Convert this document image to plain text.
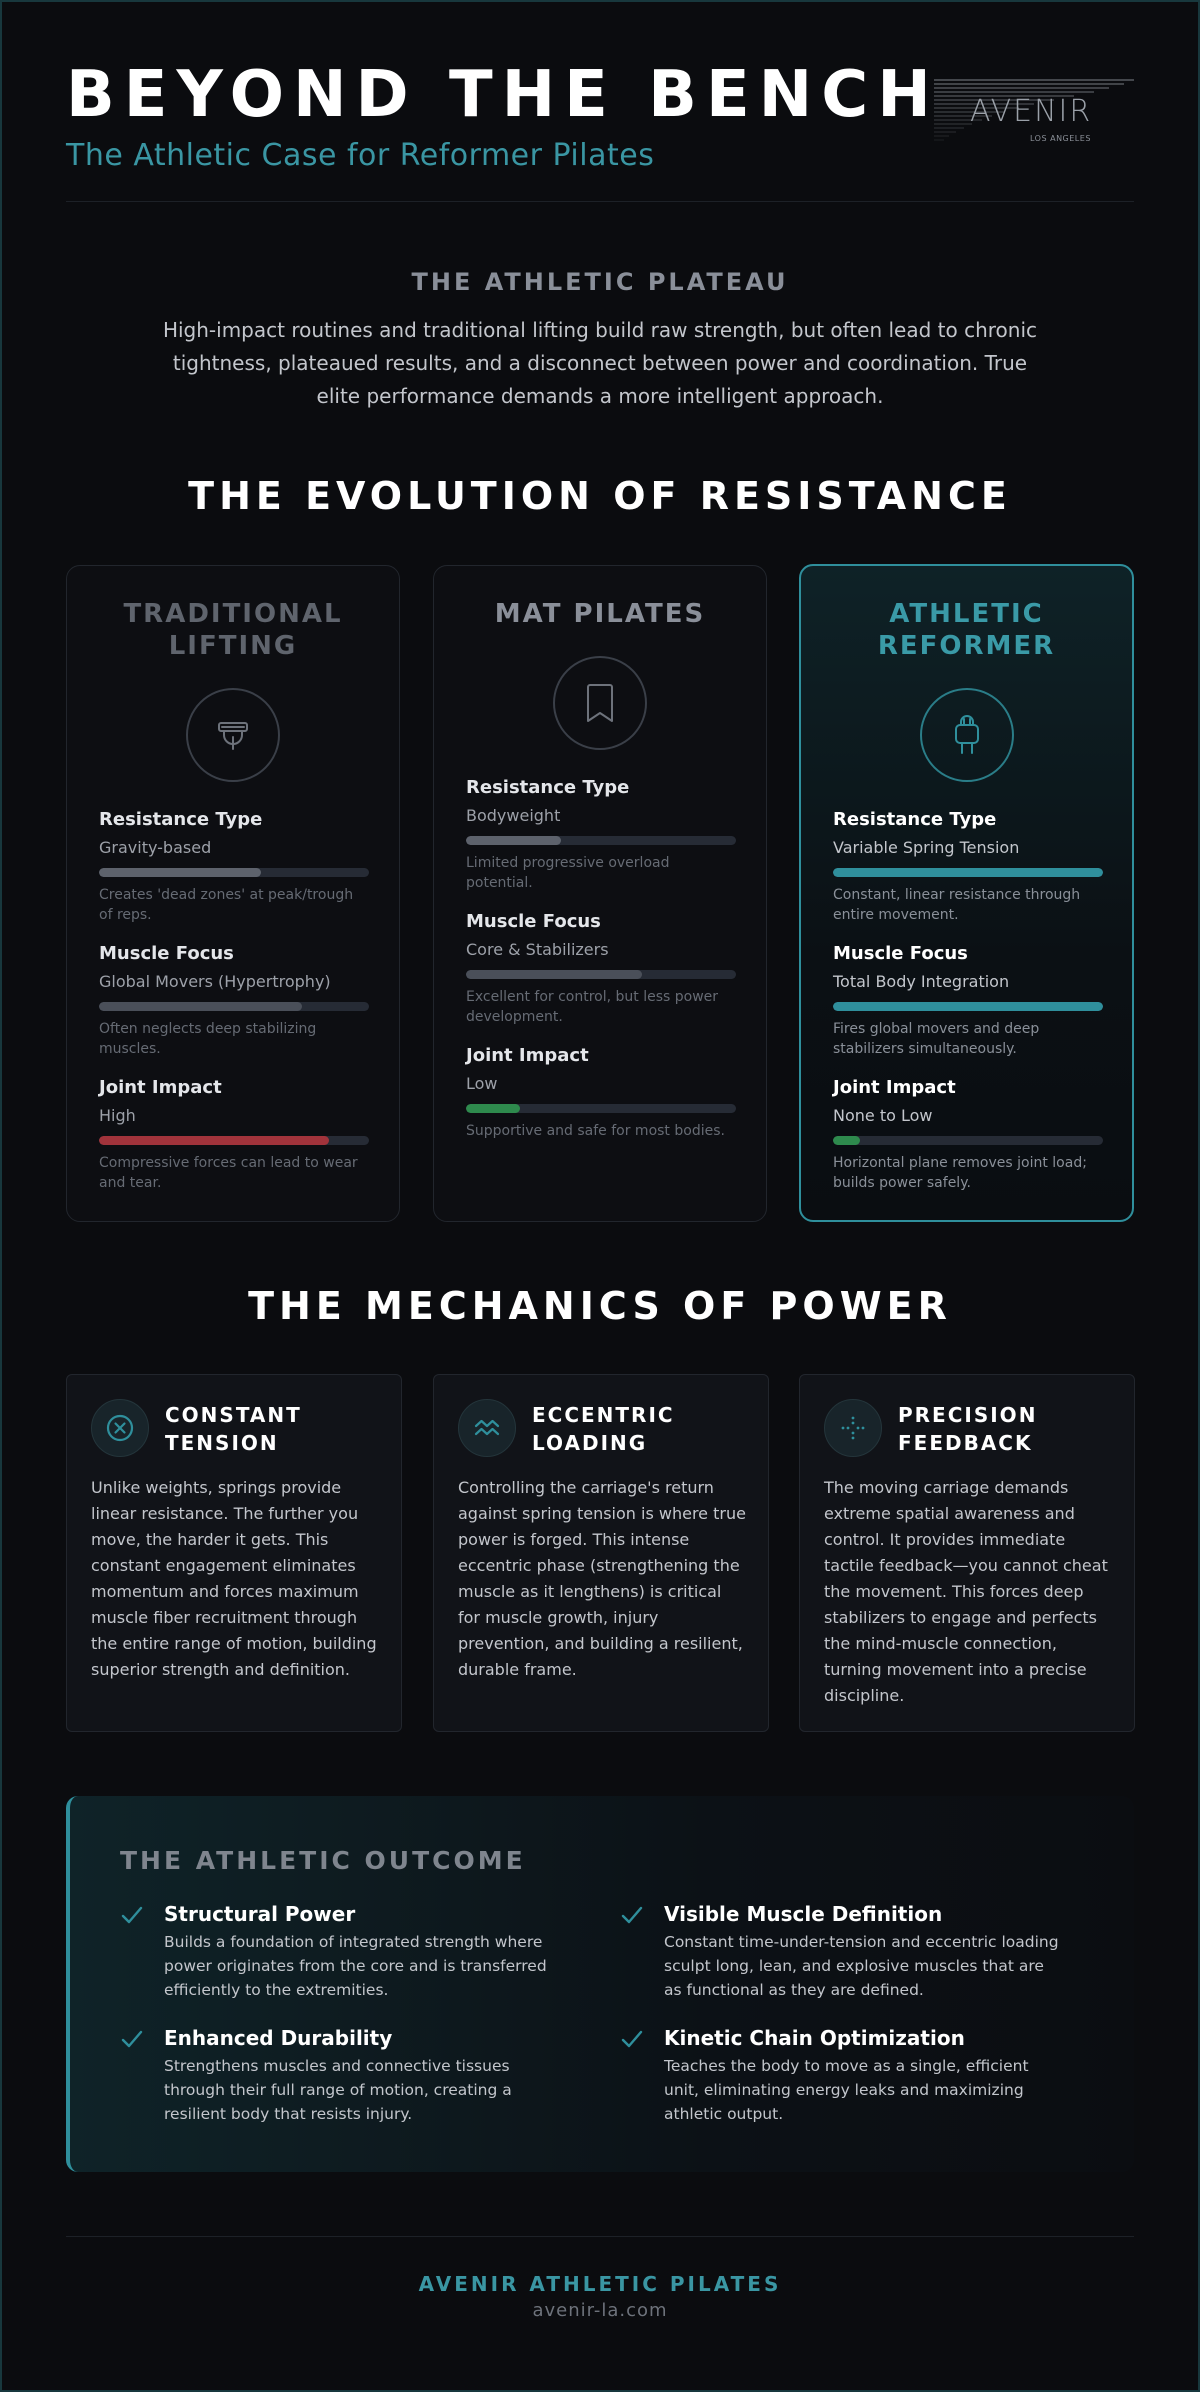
BEYOND THE BENCH
The Athletic Case for Reformer Pilates
AVENIR
LOS ANGELES
THE ATHLETIC PLATEAU
High-impact routines and traditional lifting build raw strength, but often lead to chronic tightness, plateaued results, and a disconnect between power and coordination. True elite performance demands a more intelligent approach.
THE EVOLUTION OF RESISTANCE
TRADITIONAL LIFTING
Resistance Type
Gravity-based
Creates 'dead zones' at peak/trough of reps.
Muscle Focus
Global Movers (Hypertrophy)
Often neglects deep stabilizing muscles.
Joint Impact
High
Compressive forces can lead to wear and tear.
MAT PILATES
Resistance Type
Bodyweight
Limited progressive overload potential.
Muscle Focus
Core & Stabilizers
Excellent for control, but less power development.
Joint Impact
Low
Supportive and safe for most bodies.
ATHLETIC REFORMER
Resistance Type
Variable Spring Tension
Constant, linear resistance through entire movement.
Muscle Focus
Total Body Integration
Fires global movers and deep stabilizers simultaneously.
Joint Impact
None to Low
Horizontal plane removes joint load; builds power safely.
THE MECHANICS OF POWER
CONSTANT TENSION
Unlike weights, springs provide linear resistance. The further you move, the harder it gets. This constant engagement eliminates momentum and forces maximum muscle fiber recruitment through the entire range of motion, building superior strength and definition.
ECCENTRIC LOADING
Controlling the carriage's return against spring tension is where true power is forged. This intense eccentric phase (strengthening the muscle as it lengthens) is critical for muscle growth, injury prevention, and building a resilient, durable frame.
PRECISION FEEDBACK
The moving carriage demands extreme spatial awareness and control. It provides immediate tactile feedback—you cannot cheat the movement. This forces deep stabilizers to engage and perfects the mind-muscle connection, turning movement into a precise discipline.
THE ATHLETIC OUTCOME
Structural Power
Builds a foundation of integrated strength where power originates from the core and is transferred efficiently to the extremities.
Visible Muscle Definition
Constant time-under-tension and eccentric loading sculpt long, lean, and explosive muscles that are as functional as they are defined.
Enhanced Durability
Strengthens muscles and connective tissues through their full range of motion, creating a resilient body that resists injury.
Kinetic Chain Optimization
Teaches the body to move as a single, efficient unit, eliminating energy leaks and maximizing athletic output.
AVENIR ATHLETIC PILATES
avenir-la.com
